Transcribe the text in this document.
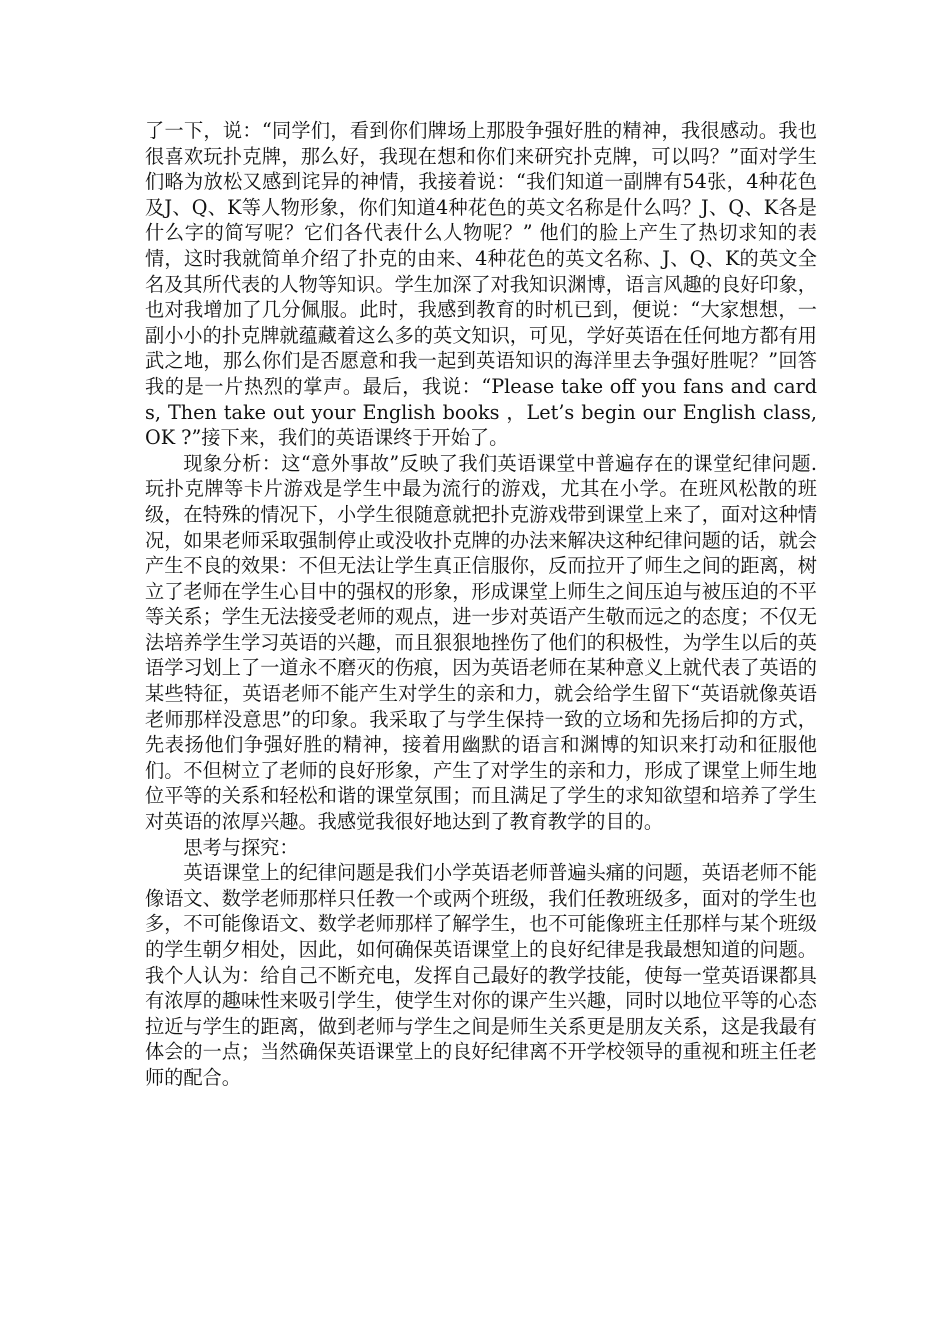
了一下，说：“同学们，看到你们牌场上那股争强好胜的精神，我很感动。我也很喜欢玩扑克牌，那么好，我现在想和你们来研究扑克牌，可以吗？”面对学生们略为放松又感到诧异的神情，我接着说：“我们知道一副牌有54张，4种花色及J、Q、K等人物形象，你们知道4种花色的英文名称是什么吗？J、Q、K各是什么字的简写呢？它们各代表什么人物呢？” 他们的脸上产生了热切求知的表情，这时我就简单介绍了扑克的由来、4种花色的英文名称、J、Q、K的英文全名及其所代表的人物等知识。学生加深了对我知识渊博，语言风趣的良好印象，也对我增加了几分佩服。此时，我感到教育的时机已到，便说：“大家想想，一副小小的扑克牌就蕴藏着这么多的英文知识，可见，学好英语在任何地方都有用武之地，那么你们是否愿意和我一起到英语知识的海洋里去争强好胜呢？”回答我的是一片热烈的掌声。最后，我说：“Please take off you fans and cards, Then take out your English books ，Let’s begin our English class, OK ?”接下来，我们的英语课终于开始了。

现象分析：这“意外事故”反映了我们英语课堂中普遍存在的课堂纪律问题.玩扑克牌等卡片游戏是学生中最为流行的游戏，尤其在小学。在班风松散的班级，在特殊的情况下，小学生很随意就把扑克游戏带到课堂上来了，面对这种情况，如果老师采取强制停止或没收扑克牌的办法来解决这种纪律问题的话，就会产生不良的效果：不但无法让学生真正信服你，反而拉开了师生之间的距离，树立了老师在学生心目中的强权的形象，形成课堂上师生之间压迫与被压迫的不平等关系；学生无法接受老师的观点，进一步对英语产生敬而远之的态度；不仅无法培养学生学习英语的兴趣，而且狠狠地挫伤了他们的积极性，为学生以后的英语学习划上了一道永不磨灭的伤痕，因为英语老师在某种意义上就代表了英语的某些特征，英语老师不能产生对学生的亲和力，就会给学生留下“英语就像英语老师那样没意思”的印象。我采取了与学生保持一致的立场和先扬后抑的方式，先表扬他们争强好胜的精神，接着用幽默的语言和渊博的知识来打动和征服他们。不但树立了老师的良好形象，产生了对学生的亲和力，形成了课堂上师生地位平等的关系和轻松和谐的课堂氛围；而且满足了学生的求知欲望和培养了学生对英语的浓厚兴趣。我感觉我很好地达到了教育教学的目的。

思考与探究：

英语课堂上的纪律问题是我们小学英语老师普遍头痛的问题，英语老师不能像语文、数学老师那样只任教一个或两个班级，我们任教班级多，面对的学生也多，不可能像语文、数学老师那样了解学生，也不可能像班主任那样与某个班级的学生朝夕相处，因此，如何确保英语课堂上的良好纪律是我最想知道的问题。我个人认为：给自己不断充电，发挥自己最好的教学技能，使每一堂英语课都具有浓厚的趣味性来吸引学生，使学生对你的课产生兴趣，同时以地位平等的心态拉近与学生的距离，做到老师与学生之间是师生关系更是朋友关系，这是我最有体会的一点；当然确保英语课堂上的良好纪律离不开学校领导的重视和班主任老师的配合。
